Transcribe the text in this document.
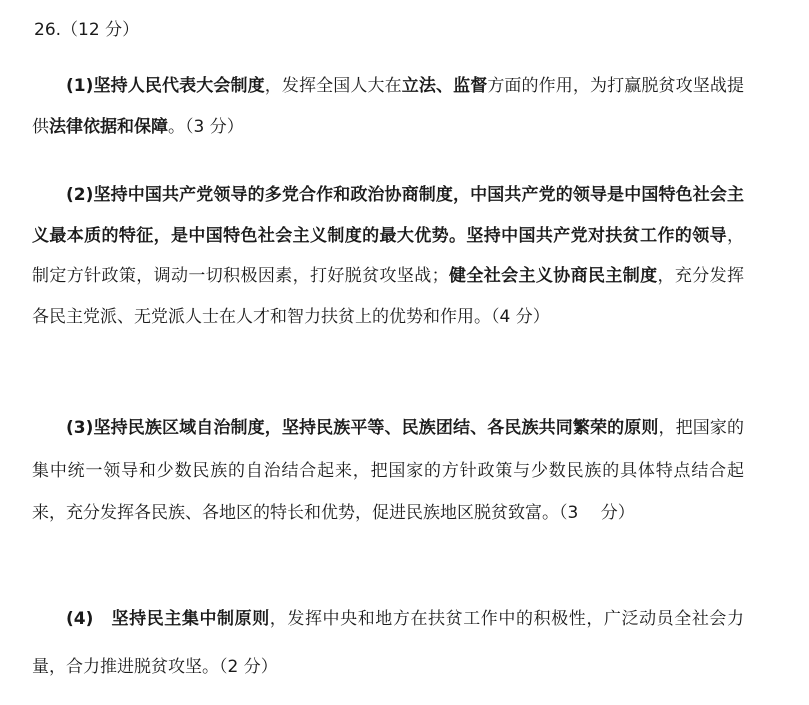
26.（12 分）
(1)坚持人民代表大会制度，发挥全国人大在立法、监督方面的作用，为打赢脱贫攻坚战提供法律依据和保障。（3 分）
(2)坚持中国共产党领导的多党合作和政治协商制度，中国共产党的领导是中国特色社会主义最本质的特征，是中国特色社会主义制度的最大优势。坚持中国共产党对扶贫工作的领导，制定方针政策，调动一切积极因素，打好脱贫攻坚战；健全社会主义协商民主制度，充分发挥各民主党派、无党派人士在人才和智力扶贫上的优势和作用。（4 分）
(3)坚持民族区域自治制度，坚持民族平等、民族团结、各民族共同繁荣的原则，把国家的集中统一领导和少数民族的自治结合起来，把国家的方针政策与少数民族的具体特点结合起来，充分发挥各民族、各地区的特长和优势，促进民族地区脱贫致富。（3　 分）
(4)　坚持民主集中制原则，发挥中央和地方在扶贫工作中的积极性，广泛动员全社会力量，合力推进脱贫攻坚。（2 分）
